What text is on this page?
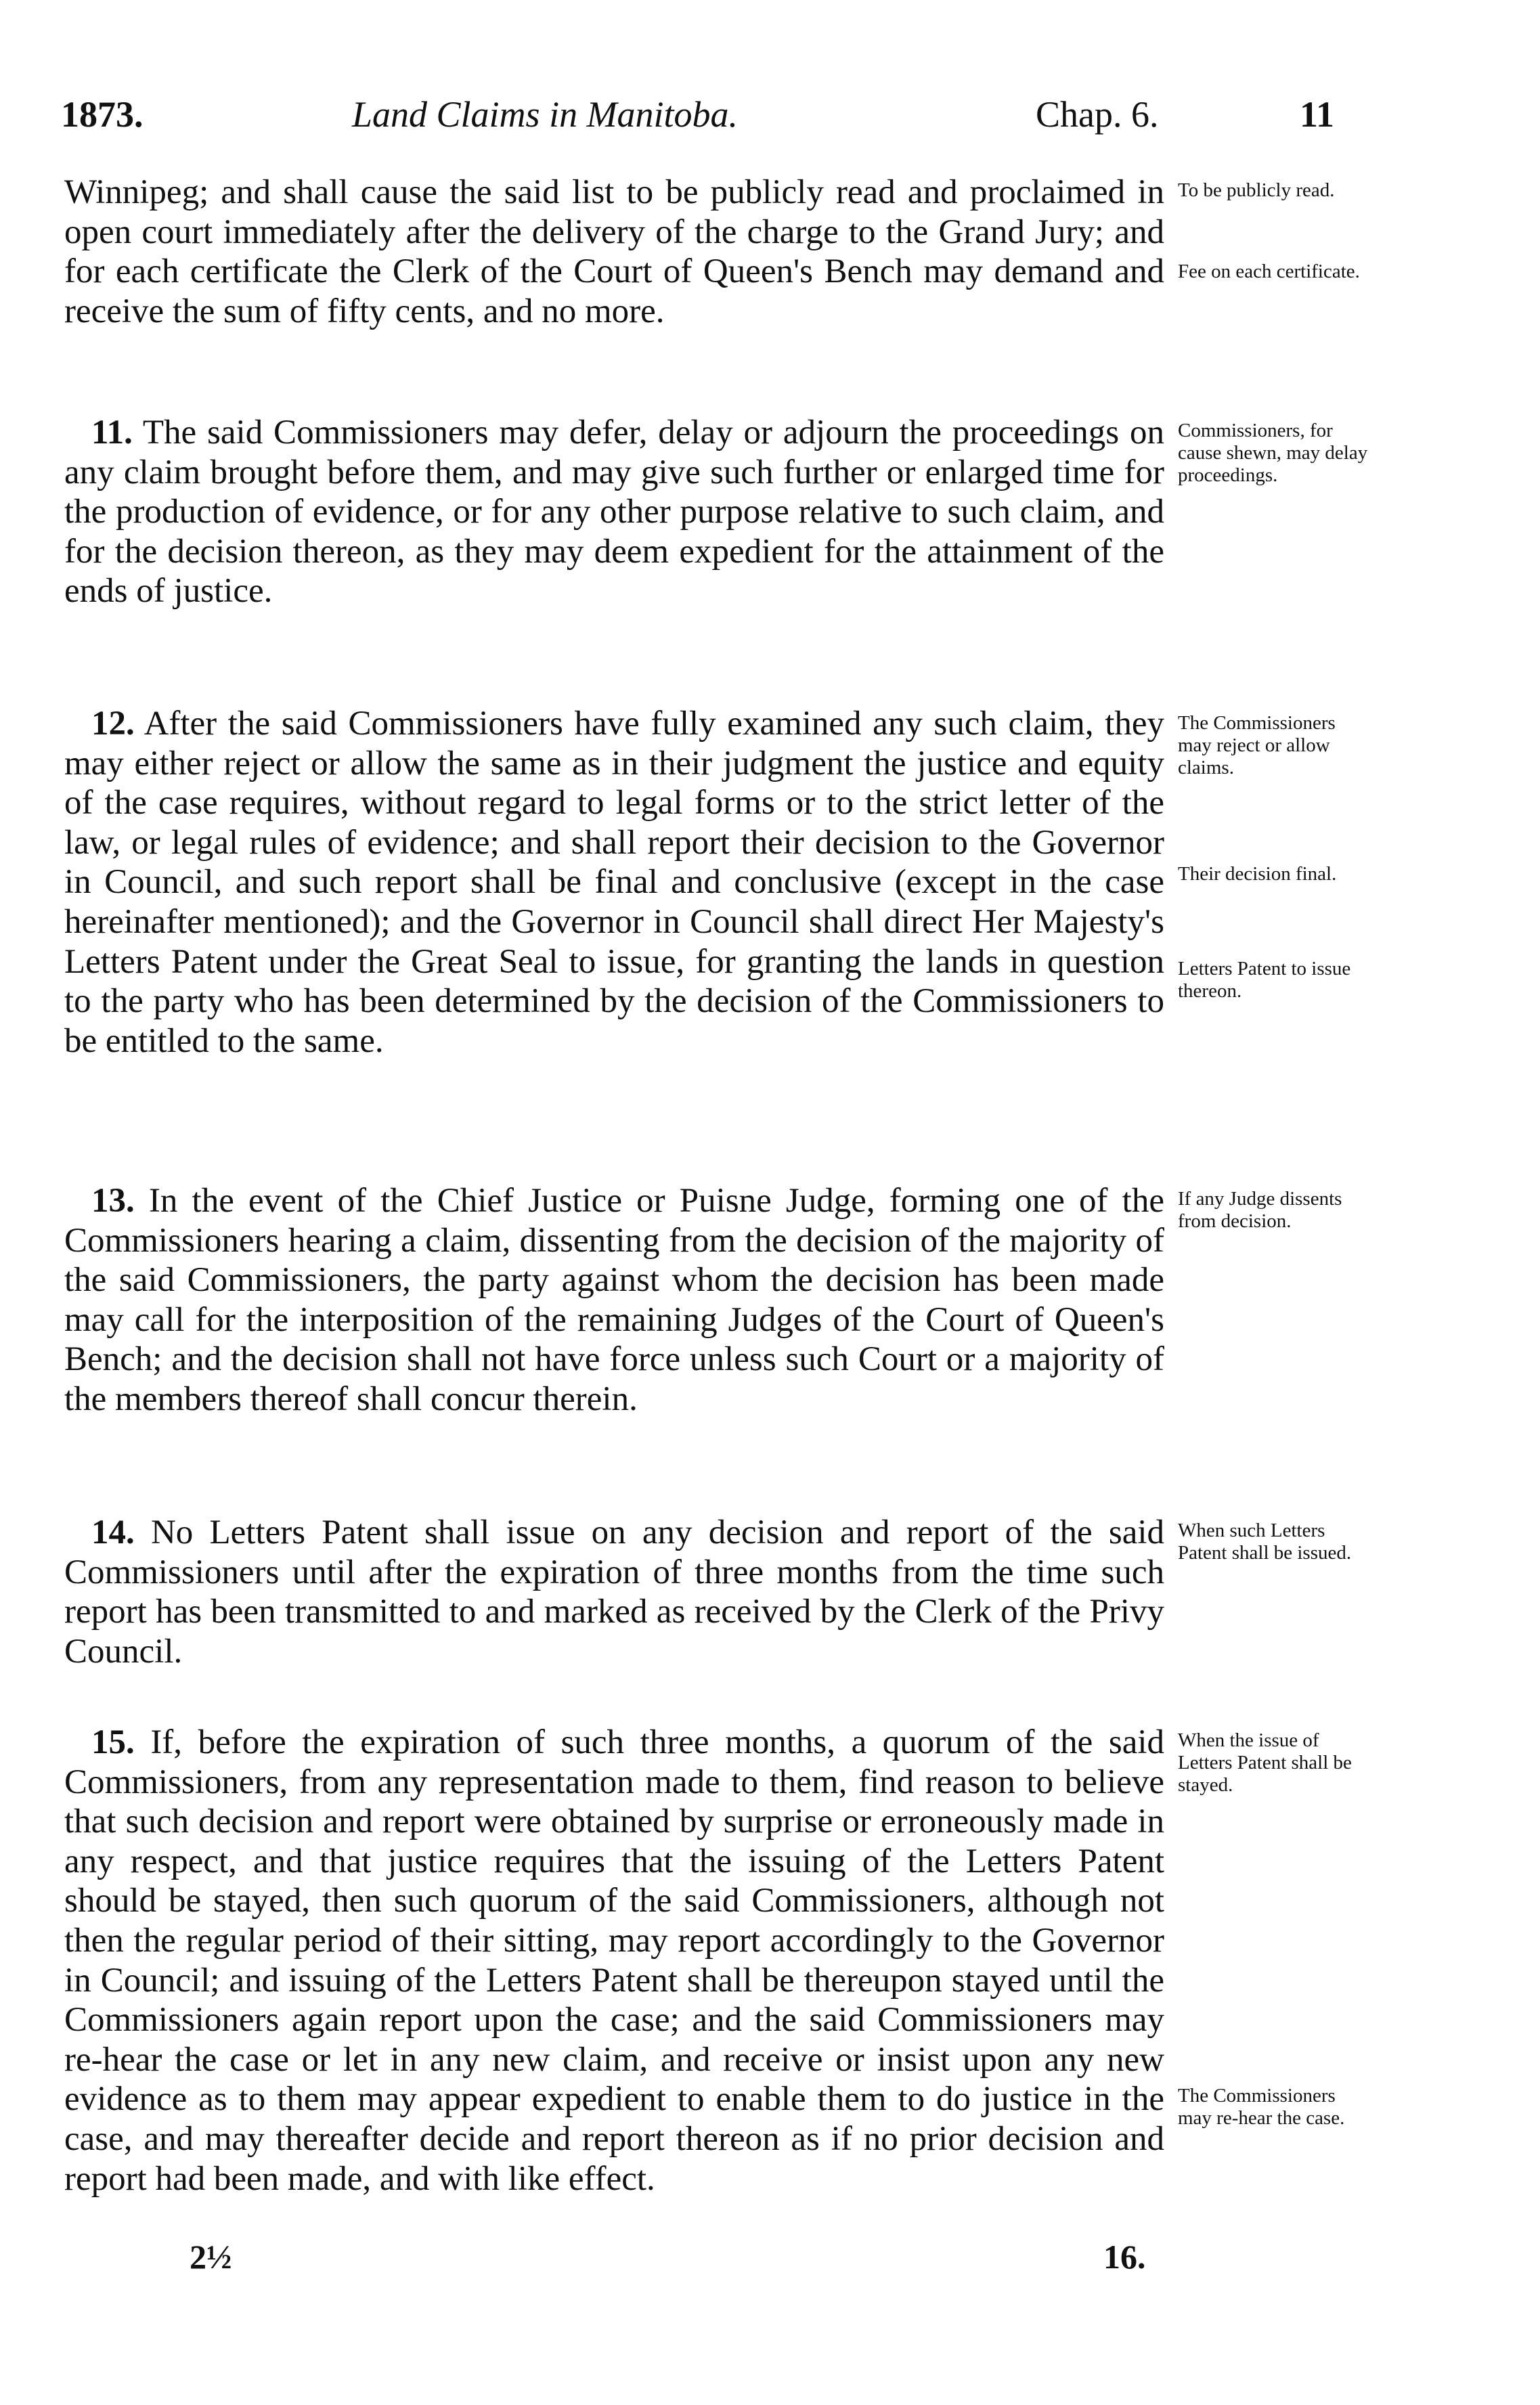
1873.	Land Claims in Manitoba.	Chap. 6.	11

Winnipeg; and shall cause the said list to be publicly read and proclaimed in open court immediately after the delivery of the charge to the Grand Jury; and for each certificate the Clerk of the Court of Queen's Bench may demand and receive the sum of fifty cents, and no more.

11. The said Commissioners may defer, delay or adjourn the proceedings on any claim brought before them, and may give such further or enlarged time for the production of evidence, or for any other purpose relative to such claim, and for the decision thereon, as they may deem expedient for the attainment of the ends of justice.

12. After the said Commissioners have fully examined any such claim, they may either reject or allow the same as in their judgment the justice and equity of the case requires, without regard to legal forms or to the strict letter of the law, or legal rules of evidence; and shall report their decision to the Governor in Council, and such report shall be final and conclusive (except in the case hereinafter mentioned); and the Governor in Council shall direct Her Majesty's Letters Patent under the Great Seal to issue, for granting the lands in question to the party who has been determined by the decision of the Commissioners to be entitled to the same.

13. In the event of the Chief Justice or Puisne Judge, forming one of the Commissioners hearing a claim, dissenting from the decision of the majority of the said Commissioners, the party against whom the decision has been made may call for the interposition of the remaining Judges of the Court of Queen's Bench; and the decision shall not have force unless such Court or a majority of the members thereof shall concur therein.

14. No Letters Patent shall issue on any decision and report of the said Commissioners until after the expiration of three months from the time such report has been transmitted to and marked as received by the Clerk of the Privy Council.

15. If, before the expiration of such three months, a quorum of the said Commissioners, from any representation made to them, find reason to believe that such decision and report were obtained by surprise or erroneously made in any respect, and that justice requires that the issuing of the Letters Patent should be stayed, then such quorum of the said Commissioners, although not then the regular period of their sitting, may report accordingly to the Governor in Council; and issuing of the Letters Patent shall be thereupon stayed until the Commissioners again report upon the case; and the said Commissioners may re-hear the case or let in any new claim, and receive or insist upon any new evidence as to them may appear expedient to enable them to do justice in the case, and may thereafter decide and report thereon as if no prior decision and report had been made, and with like effect.

To be publicly read.
Fee on each certificate.
Commissioners, for cause shewn, may delay proceedings.
The Commissioners may reject or allow claims.
Their decision final.
Letters Patent to issue thereon.
If any Judge dissents from decision.
When such Letters Patent shall be issued.
When the issue of Letters Patent shall be stayed.
The Commissioners may re-hear the case.
2½	16.
